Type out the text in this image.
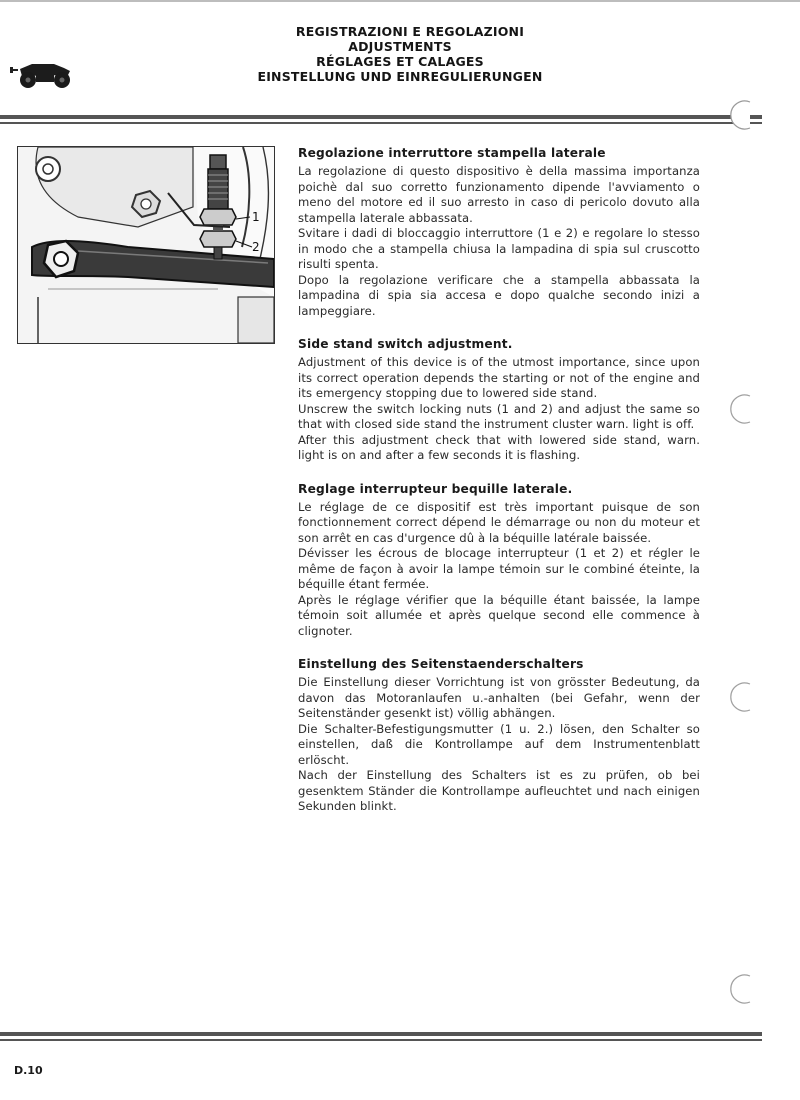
REGISTRAZIONI E REGOLAZIONI
ADJUSTMENTS
RÉGLAGES ET CALAGES
EINSTELLUNG UND EINREGULIERUNGEN
1
2
Regolazione interruttore stampella laterale

La regolazione di questo dispositivo è della massima importanza poichè dal suo corretto funzionamento dipende l'avviamento o meno del motore ed il suo arresto in caso di pericolo dovuto alla stampella laterale abbassata.

Svitare i dadi di bloccaggio interruttore (1 e 2) e regolare lo stesso in modo che a stampella chiusa la lampadina di spia sul cruscotto risulti spenta.

Dopo la regolazione verificare che a stampella abbassata la lampadina di spia sia accesa e dopo qualche secondo inizi a lampeggiare.

Side stand switch adjustment.

Adjustment of this device is of the utmost importance, since upon its correct operation depends the starting or not of the engine and its emergency stopping due to lowered side stand.

Unscrew the switch locking nuts (1 and 2) and adjust the same so that with closed side stand the instrument cluster warn. light is off.

After this adjustment check that with lowered side stand, warn. light is on and after a few seconds it is flashing.

Reglage interrupteur bequille laterale.

Le réglage de ce dispositif est très important puisque de son fonctionnement correct dépend le démarrage ou non du moteur et son arrêt en cas d'urgence dû à la béquille latérale baissée.

Dévisser les écrous de blocage interrupteur (1 et 2) et régler le même de façon à avoir la lampe témoin sur le combiné éteinte, la béquille étant fermée.

Après le réglage vérifier que la béquille étant baissée, la lampe témoin soit allumée et après quelque second elle commence à clignoter.

Einstellung des Seitenstaenderschalters

Die Einstellung dieser Vorrichtung ist von grösster Bedeutung, da davon das Motoranlaufen u.-anhalten (bei Gefahr, wenn der Seitenständer gesenkt ist) völlig abhängen.

Die Schalter-Befestigungsmutter (1 u. 2.) lösen, den Schalter so einstellen, daß die Kontrollampe auf dem Instrumentenblatt erlöscht.

Nach der Einstellung des Schalters ist es zu prüfen, ob bei gesenktem Ständer die Kontrollampe aufleuchtet und nach einigen Sekunden blinkt.

D.10
